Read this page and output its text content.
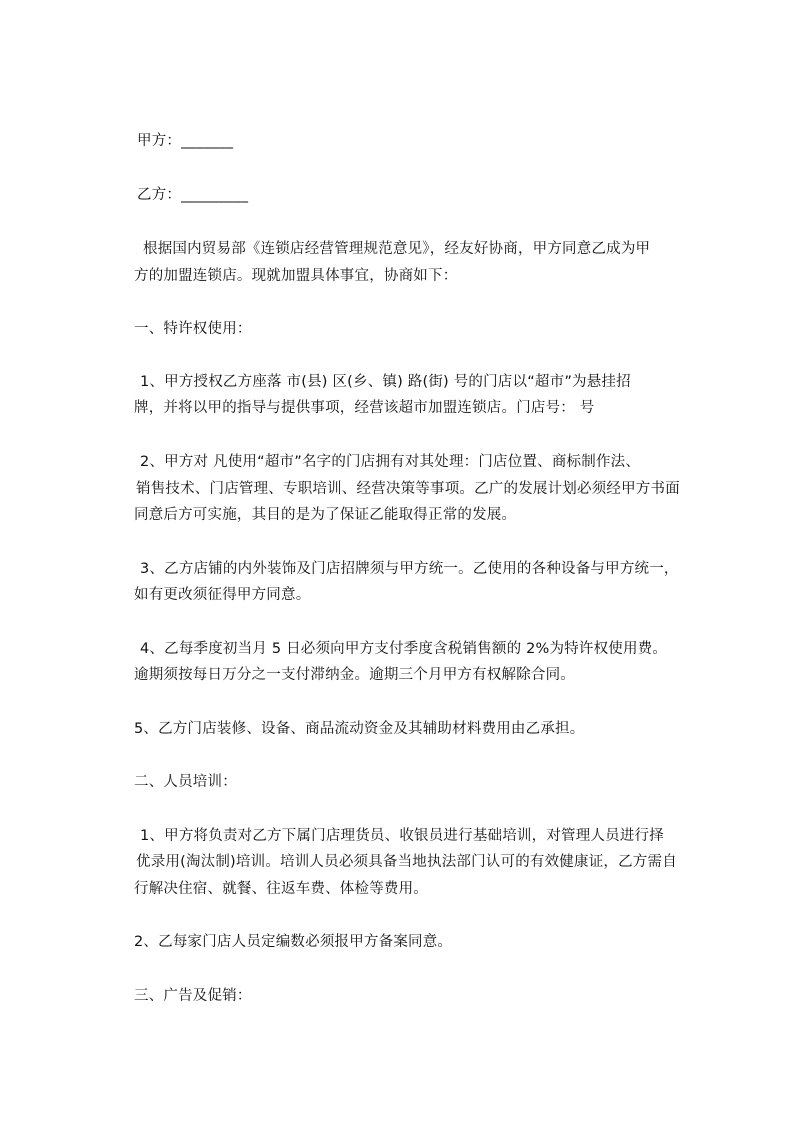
甲方：_______
乙方：_________
根据国内贸易部《连锁店经营管理规范意见》，经友好协商，甲方同意乙成为甲
方的加盟连锁店。现就加盟具体事宜，协商如下：
一、特许权使用：
1、甲方授权乙方座落 市(县) 区(乡、镇) 路(街) 号的门店以“超市”为悬挂招
牌，并将以甲的指导与提供事项，经营该超市加盟连锁店。门店号： 号
2、甲方对 凡使用“超市”名字的门店拥有对其处理：门店位置、商标制作法、
销售技术、门店管理、专职培训、经营决策等事项。乙广的发展计划必须经甲方书面
同意后方可实施，其目的是为了保证乙能取得正常的发展。
3、乙方店铺的内外装饰及门店招牌须与甲方统一。乙使用的各种设备与甲方统一，
如有更改须征得甲方同意。
4、乙每季度初当月 5 日必须向甲方支付季度含税销售额的 2%为特许权使用费。
逾期须按每日万分之一支付滞纳金。逾期三个月甲方有权解除合同。
5、乙方门店装修、设备、商品流动资金及其辅助材料费用由乙承担。
二、人员培训：
1、甲方将负责对乙方下属门店理货员、收银员进行基础培训，对管理人员进行择
优录用(淘汰制)培训。培训人员必须具备当地执法部门认可的有效健康证，乙方需自
行解决住宿、就餐、往返车费、体检等费用。
2、乙每家门店人员定编数必须报甲方备案同意。
三、广告及促销：
